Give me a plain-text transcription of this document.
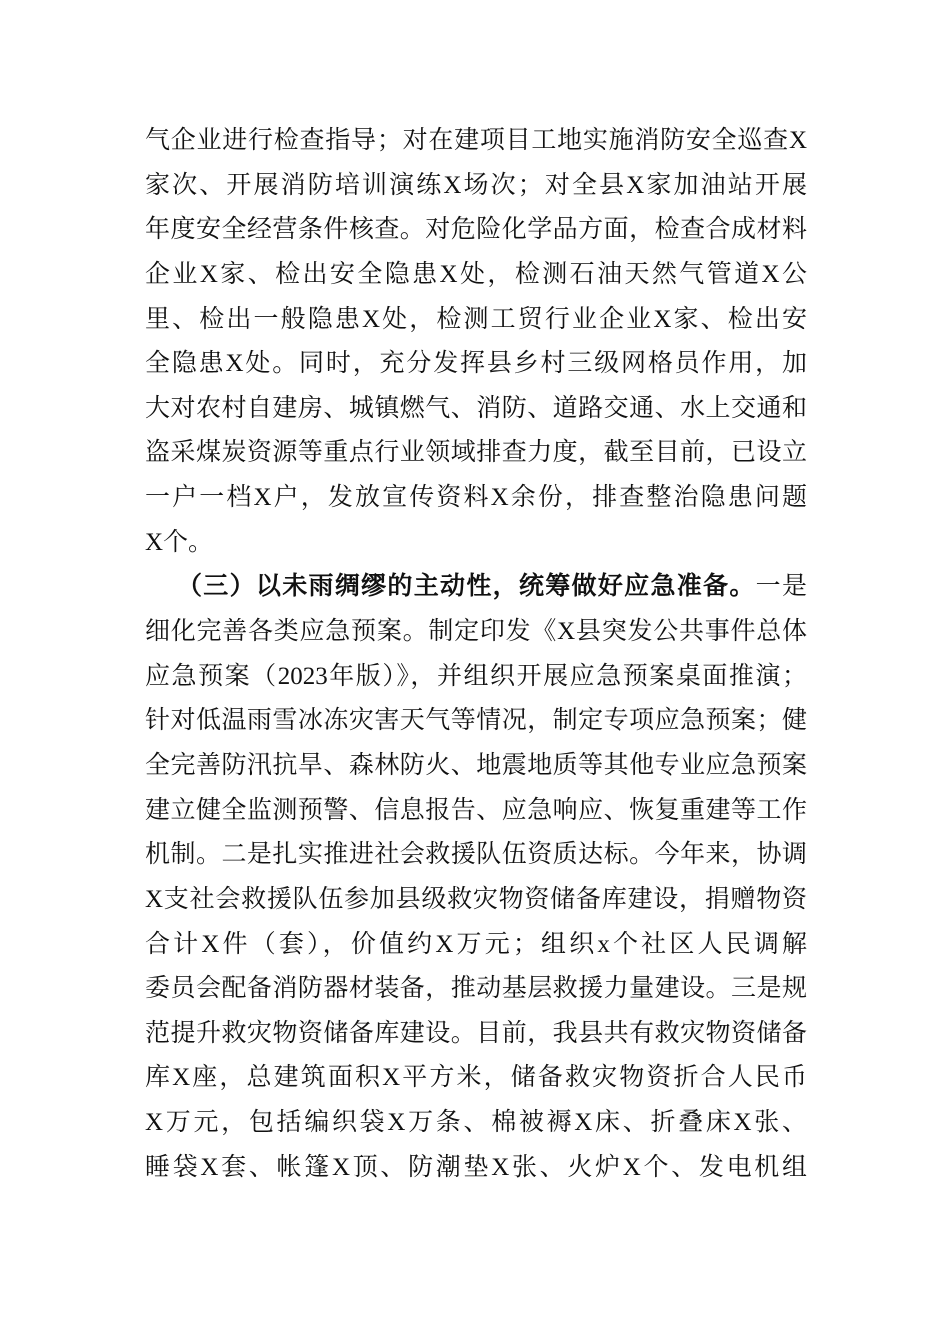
气企业进行检查指导；对在建项目工地实施消防安全巡查X
家次、开展消防培训演练X场次；对全县X家加油站开展
年度安全经营条件核查。对危险化学品方面，检查合成材料
企业X家、检出安全隐患X处，检测石油天然气管道X公
里、检出一般隐患X处，检测工贸行业企业X家、检出安
全隐患X处。同时，充分发挥县乡村三级网格员作用，加
大对农村自建房、城镇燃气、消防、道路交通、水上交通和
盗采煤炭资源等重点行业领域排查力度，截至目前，已设立
一户一档X户，发放宣传资料X余份，排查整治隐患问题
X个。
（三）以未雨绸缪的主动性，统筹做好应急准备。一是
细化完善各类应急预案。制定印发《X县突发公共事件总体
应急预案（2023年版）》，并组织开展应急预案桌面推演；
针对低温雨雪冰冻灾害天气等情况，制定专项应急预案；健
全完善防汛抗旱、森林防火、地震地质等其他专业应急预案
建立健全监测预警、信息报告、应急响应、恢复重建等工作
机制。二是扎实推进社会救援队伍资质达标。今年来，协调
X支社会救援队伍参加县级救灾物资储备库建设，捐赠物资
合计X件（套），价值约X万元；组织x个社区人民调解
委员会配备消防器材装备，推动基层救援力量建设。三是规
范提升救灾物资储备库建设。目前，我县共有救灾物资储备
库X座，总建筑面积X平方米，储备救灾物资折合人民币
X万元，包括编织袋X万条、棉被褥X床、折叠床X张、
睡袋X套、帐篷X顶、防潮垫X张、火炉X个、发电机组
